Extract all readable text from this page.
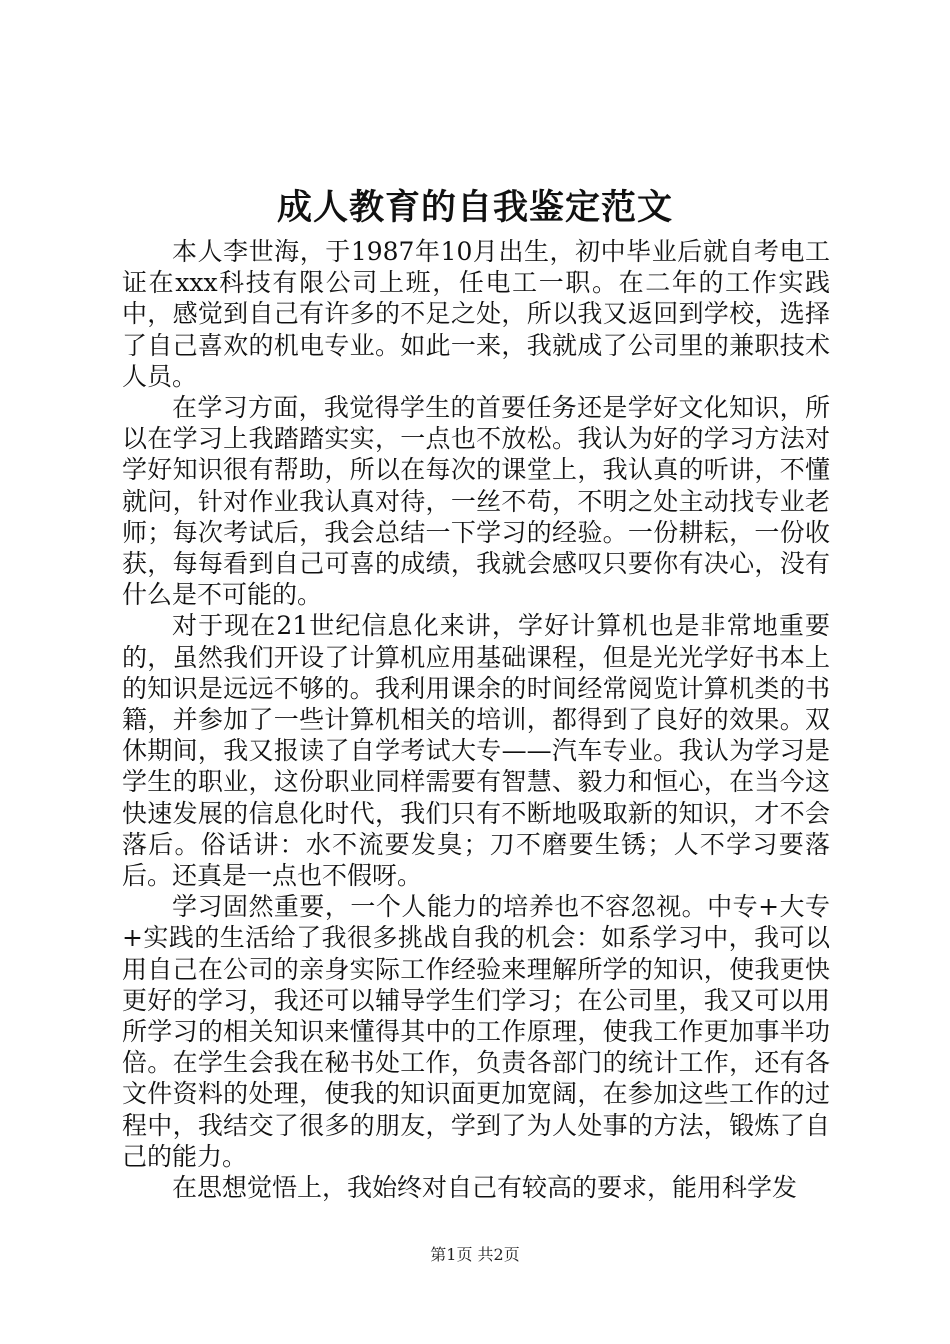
成人教育的自我鉴定范文

本人李世海，于1987年10月出生，初中毕业后就自考电工证在xxx科技有限公司上班，任电工一职。在二年的工作实践中，感觉到自己有许多的不足之处，所以我又返回到学校，选择了自己喜欢的机电专业。如此一来，我就成了公司里的兼职技术人员。

在学习方面，我觉得学生的首要任务还是学好文化知识，所以在学习上我踏踏实实，一点也不放松。我认为好的学习方法对学好知识很有帮助，所以在每次的课堂上，我认真的听讲，不懂就问，针对作业我认真对待，一丝不苟，不明之处主动找专业老师；每次考试后，我会总结一下学习的经验。一份耕耘，一份收获，每每看到自己可喜的成绩，我就会感叹只要你有决心，没有什么是不可能的。

对于现在21世纪信息化来讲，学好计算机也是非常地重要的，虽然我们开设了计算机应用基础课程，但是光光学好书本上的知识是远远不够的。我利用课余的时间经常阅览计算机类的书籍，并参加了一些计算机相关的培训，都得到了良好的效果。双休期间，我又报读了自学考试大专——汽车专业。我认为学习是学生的职业，这份职业同样需要有智慧、毅力和恒心，在当今这快速发展的信息化时代，我们只有不断地吸取新的知识，才不会落后。俗话讲：水不流要发臭；刀不磨要生锈；人不学习要落后。还真是一点也不假呀。

学习固然重要，一个人能力的培养也不容忽视。中专+大专+实践的生活给了我很多挑战自我的机会：如系学习中，我可以用自己在公司的亲身实际工作经验来理解所学的知识，使我更快更好的学习，我还可以辅导学生们学习；在公司里，我又可以用所学习的相关知识来懂得其中的工作原理，使我工作更加事半功倍。在学生会我在秘书处工作，负责各部门的统计工作，还有各文件资料的处理，使我的知识面更加宽阔，在参加这些工作的过程中，我结交了很多的朋友，学到了为人处事的方法，锻炼了自己的能力。

在思想觉悟上，我始终对自己有较高的要求，能用科学发

第1页 共2页
